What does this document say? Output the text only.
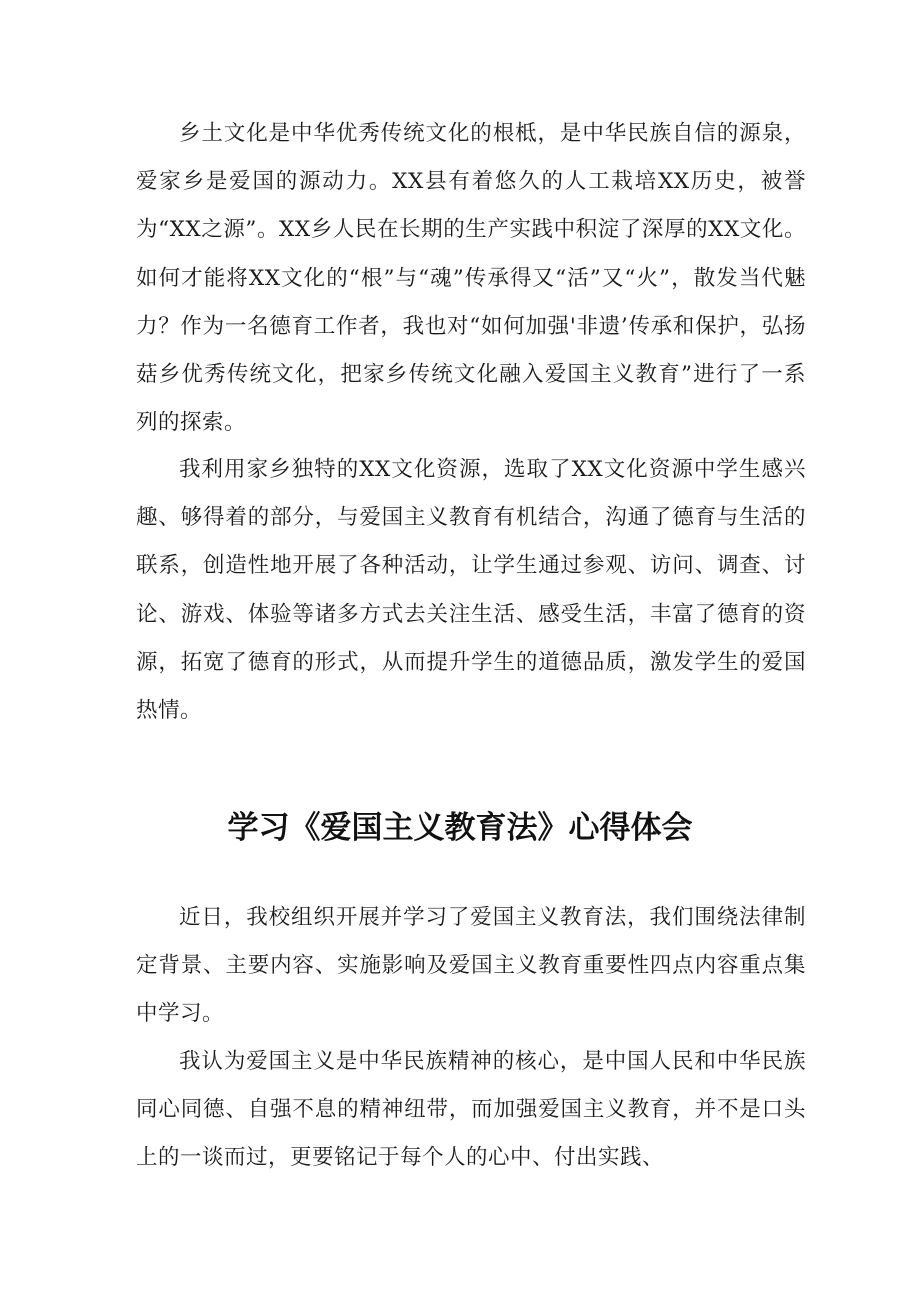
乡土文化是中华优秀传统文化的根柢，是中华民族自信的源泉，爱家乡是爱国的源动力。XX县有着悠久的人工栽培XX历史，被誉为“XX之源”。XX乡人民在长期的生产实践中积淀了深厚的XX文化。如何才能将XX文化的“根”与“魂”传承得又“活”又“火”，散发当代魅力？作为一名德育工作者，我也对“如何加强'非遗’传承和保护，弘扬菇乡优秀传统文化，把家乡传统文化融入爱国主义教育”进行了一系列的探索。

我利用家乡独特的XX文化资源，选取了XX文化资源中学生感兴趣、够得着的部分，与爱国主义教育有机结合，沟通了德育与生活的联系，创造性地开展了各种活动，让学生通过参观、访问、调查、讨论、游戏、体验等诸多方式去关注生活、感受生活，丰富了德育的资源，拓宽了德育的形式，从而提升学生的道德品质，激发学生的爱国热情。

学习《爱国主义教育法》心得体会

近日，我校组织开展并学习了爱国主义教育法，我们围绕法律制定背景、主要内容、实施影响及爱国主义教育重要性四点内容重点集中学习。

我认为爱国主义是中华民族精神的核心，是中国人民和中华民族同心同德、自强不息的精神纽带，而加强爱国主义教育，并不是口头上的一谈而过，更要铭记于每个人的心中、付出实践、
